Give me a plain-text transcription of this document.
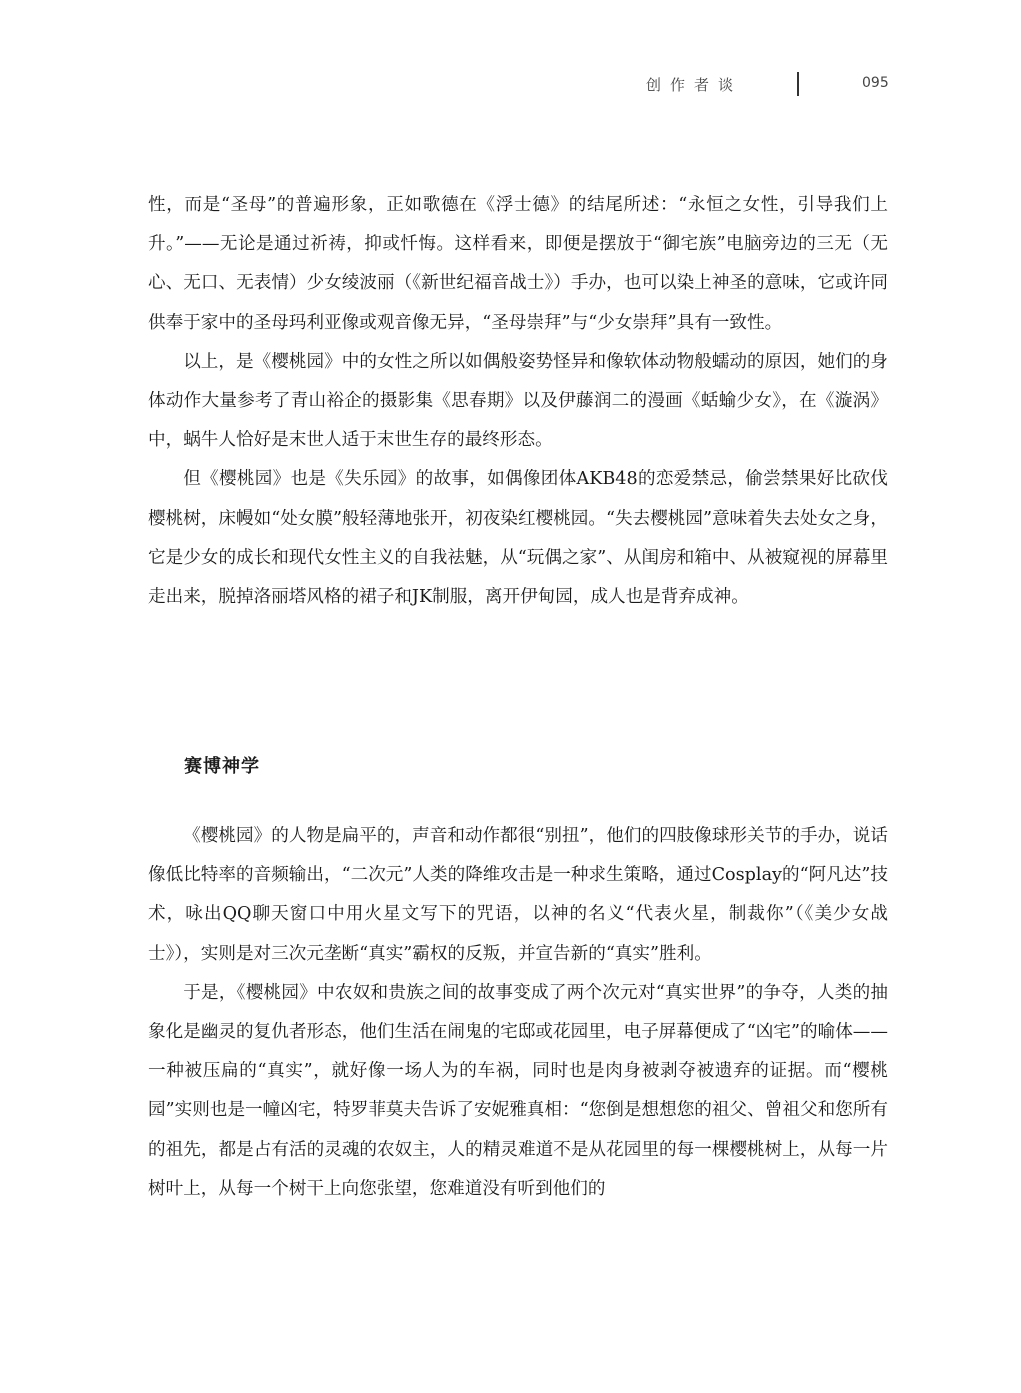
创作者谈	095

性，而是“圣母”的普遍形象，正如歌德在《浮士德》的结尾所述：“永恒之女性，引导我们上升。”——无论是通过祈祷，抑或忏悔。这样看来，即便是摆放于“御宅族”电脑旁边的三无（无心、无口、无表情）少女绫波丽（《新世纪福音战士》）手办，也可以染上神圣的意味，它或许同供奉于家中的圣母玛利亚像或观音像无异，“圣母崇拜”与“少女崇拜”具有一致性。

以上，是《樱桃园》中的女性之所以如偶般姿势怪异和像软体动物般蠕动的原因，她们的身体动作大量参考了青山裕企的摄影集《思春期》以及伊藤润二的漫画《蛞蝓少女》，在《漩涡》中，蜗牛人恰好是末世人适于末世生存的最终形态。

但《樱桃园》也是《失乐园》的故事，如偶像团体AKB48的恋爱禁忌，偷尝禁果好比砍伐樱桃树，床幔如“处女膜”般轻薄地张开，初夜染红樱桃园。“失去樱桃园”意味着失去处女之身，它是少女的成长和现代女性主义的自我祛魅，从“玩偶之家”、从闺房和箱中、从被窥视的屏幕里走出来，脱掉洛丽塔风格的裙子和JK制服，离开伊甸园，成人也是背弃成神。

赛博神学

《樱桃园》的人物是扁平的，声音和动作都很“别扭”，他们的四肢像球形关节的手办，说话像低比特率的音频输出，“二次元”人类的降维攻击是一种求生策略，通过Cosplay的“阿凡达”技术，咏出QQ聊天窗口中用火星文写下的咒语，以神的名义“代表火星，制裁你”（《美少女战士》），实则是对三次元垄断“真实”霸权的反叛，并宣告新的“真实”胜利。

于是，《樱桃园》中农奴和贵族之间的故事变成了两个次元对“真实世界”的争夺，人类的抽象化是幽灵的复仇者形态，他们生活在闹鬼的宅邸或花园里，电子屏幕便成了“凶宅”的喻体——一种被压扁的“真实”，就好像一场人为的车祸，同时也是肉身被剥夺被遗弃的证据。而“樱桃园”实则也是一幢凶宅，特罗菲莫夫告诉了安妮雅真相：“您倒是想想您的祖父、曾祖父和您所有的祖先，都是占有活的灵魂的农奴主，人的精灵难道不是从花园里的每一棵樱桃树上，从每一片树叶上，从每一个树干上向您张望，您难道没有听到他们的
